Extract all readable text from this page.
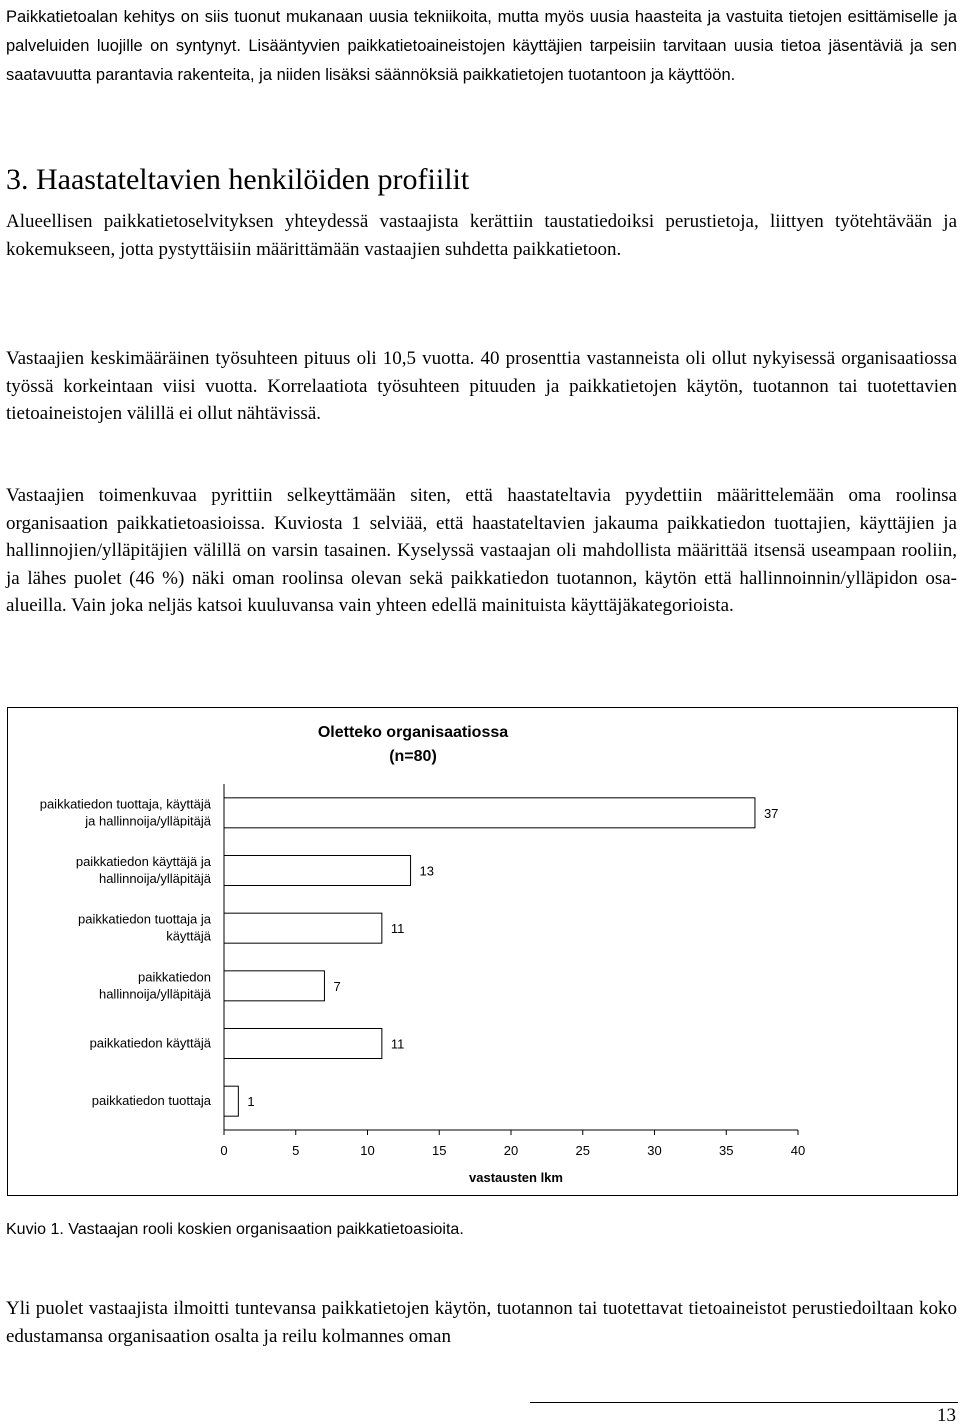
Paikkatietoalan kehitys on siis tuonut mukanaan uusia tekniikoita, mutta myös uusia haasteita ja vastuita tietojen esittämiselle ja palveluiden luojille on syntynyt. Lisääntyvien paikkatietoaineistojen käyttäjien tarpeisiin tarvitaan uusia tietoa jäsentäviä ja sen saatavuutta parantavia rakenteita, ja niiden lisäksi säännöksiä paikkatietojen tuotantoon ja käyttöön.

3. Haastateltavien henkilöiden profiilit

Alueellisen paikkatietoselvityksen yhteydessä vastaajista kerättiin taustatiedoiksi perustietoja, liittyen työtehtävään ja kokemukseen, jotta pystyttäisiin määrittämään vastaajien suhdetta paikkatietoon.

Vastaajien keskimääräinen työsuhteen pituus oli 10,5 vuotta. 40 prosenttia vastanneista oli ollut nykyisessä organisaatiossa työssä korkeintaan viisi vuotta. Korrelaatiota työsuhteen pituuden ja paikkatietojen käytön, tuotannon tai tuotettavien tietoaineistojen välillä ei ollut nähtävissä.

Vastaajien toimenkuvaa pyrittiin selkeyttämään siten, että haastateltavia pyydettiin määrittelemään oma roolinsa organisaation paikkatietoasioissa. Kuviosta 1 selviää, että haastateltavien jakauma paikkatiedon tuottajien, käyttäjien ja hallinnojien/ylläpitäjien välillä on varsin tasainen. Kyselyssä vastaajan oli mahdollista määrittää itsensä useampaan rooliin, ja lähes puolet (46 %) näki oman roolinsa olevan sekä paikkatiedon tuotannon, käytön että hallinnoinnin/ylläpidon osa-alueilla. Vain joka neljäs katsoi kuuluvansa vain yhteen edellä mainituista käyttäjäkategorioista.

Oletteko organisaatiossa
(n=80)
37
paikkatiedon tuottaja, käyttäjä
ja hallinnoija/ylläpitäjä
13
paikkatiedon käyttäjä ja
hallinnoija/ylläpitäjä
11
paikkatiedon tuottaja ja
käyttäjä
7
paikkatiedon
hallinnoija/ylläpitäjä
11
paikkatiedon käyttäjä
1
paikkatiedon tuottaja
0	5	10	15	20	25	30	35	40
vastausten lkm

Kuvio 1. Vastaajan rooli koskien organisaation paikkatietoasioita.

Yli puolet vastaajista ilmoitti tuntevansa paikkatietojen käytön, tuotannon tai tuotettavat tietoaineistot perustiedoiltaan koko edustamansa organisaation osalta ja reilu kolmannes oman

13
